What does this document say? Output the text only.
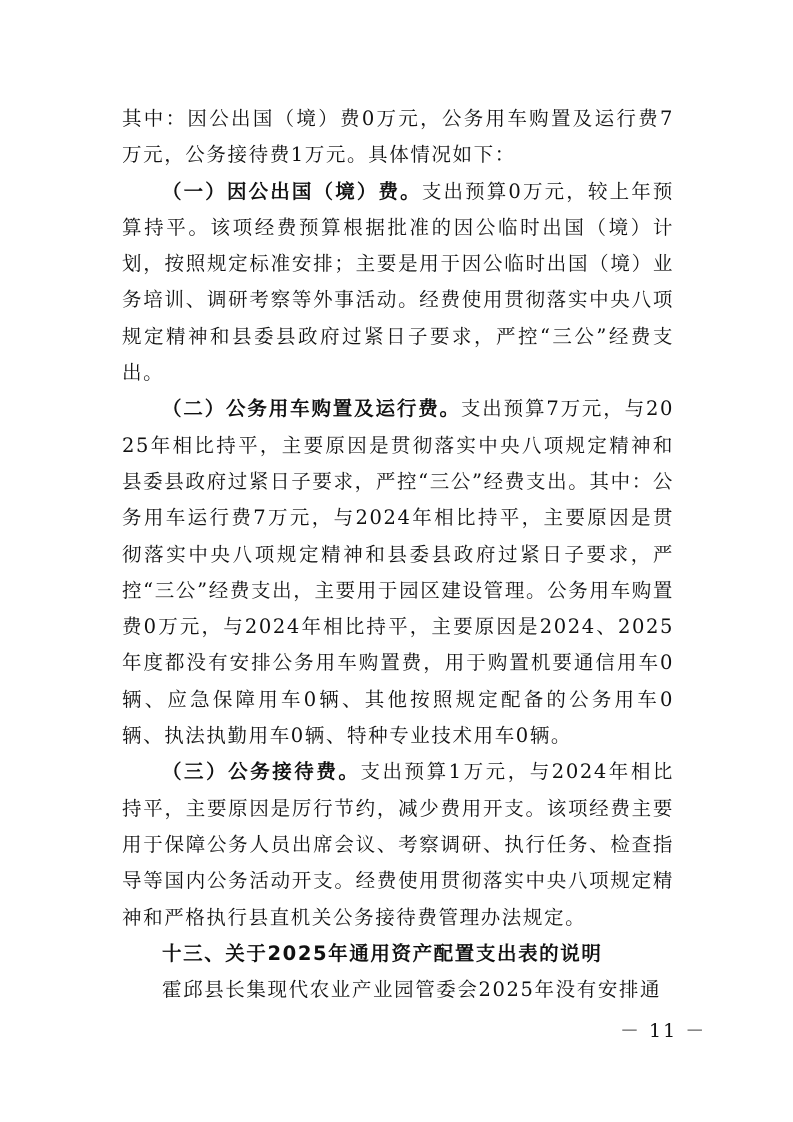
其中：因公出国（境）费0万元，公务用车购置及运行费7万元，公务接待费1万元。具体情况如下：

（一）因公出国（境）费。支出预算0万元，较上年预算持平。该项经费预算根据批准的因公临时出国（境）计划，按照规定标准安排；主要是用于因公临时出国（境）业务培训、调研考察等外事活动。经费使用贯彻落实中央八项规定精神和县委县政府过紧日子要求，严控“三公”经费支出。

（二）公务用车购置及运行费。支出预算7万元，与2025年相比持平，主要原因是贯彻落实中央八项规定精神和县委县政府过紧日子要求，严控“三公”经费支出。其中：公务用车运行费7万元，与2024年相比持平，主要原因是贯彻落实中央八项规定精神和县委县政府过紧日子要求，严控“三公”经费支出，主要用于园区建设管理。公务用车购置费0万元，与2024年相比持平，主要原因是2024、2025年度都没有安排公务用车购置费，用于购置机要通信用车0辆、应急保障用车0辆、其他按照规定配备的公务用车0辆、执法执勤用车0辆、特种专业技术用车0辆。

（三）公务接待费。支出预算1万元，与2024年相比持平，主要原因是厉行节约，减少费用开支。该项经费主要用于保障公务人员出席会议、考察调研、执行任务、检查指导等国内公务活动开支。经费使用贯彻落实中央八项规定精神和严格执行县直机关公务接待费管理办法规定。

十三、关于2025年通用资产配置支出表的说明

霍邱县长集现代农业产业园管委会2025年没有安排通

－ 11 －
